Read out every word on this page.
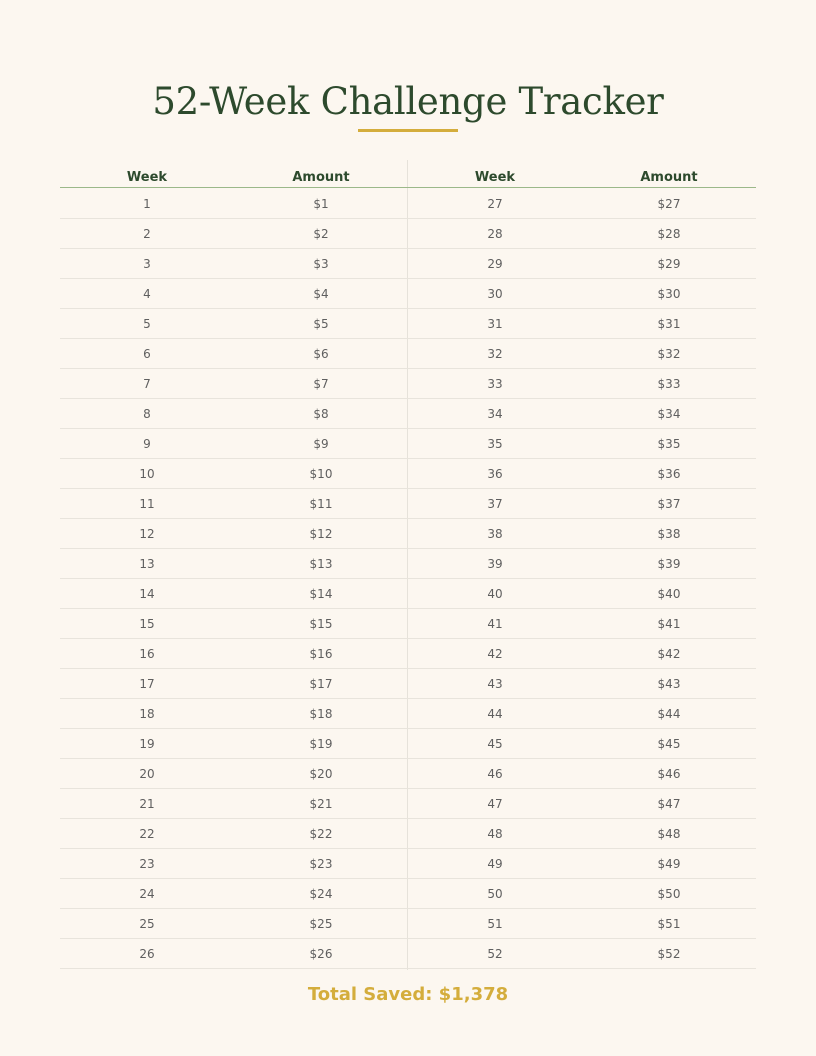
52-Week Challenge Tracker
Week	Amount	Week	Amount
1	$1	27	$27
2	$2	28	$28
3	$3	29	$29
4	$4	30	$30
5	$5	31	$31
6	$6	32	$32
7	$7	33	$33
8	$8	34	$34
9	$9	35	$35
10	$10	36	$36
11	$11	37	$37
12	$12	38	$38
13	$13	39	$39
14	$14	40	$40
15	$15	41	$41
16	$16	42	$42
17	$17	43	$43
18	$18	44	$44
19	$19	45	$45
20	$20	46	$46
21	$21	47	$47
22	$22	48	$48
23	$23	49	$49
24	$24	50	$50
25	$25	51	$51
26	$26	52	$52
Total Saved: $1,378
